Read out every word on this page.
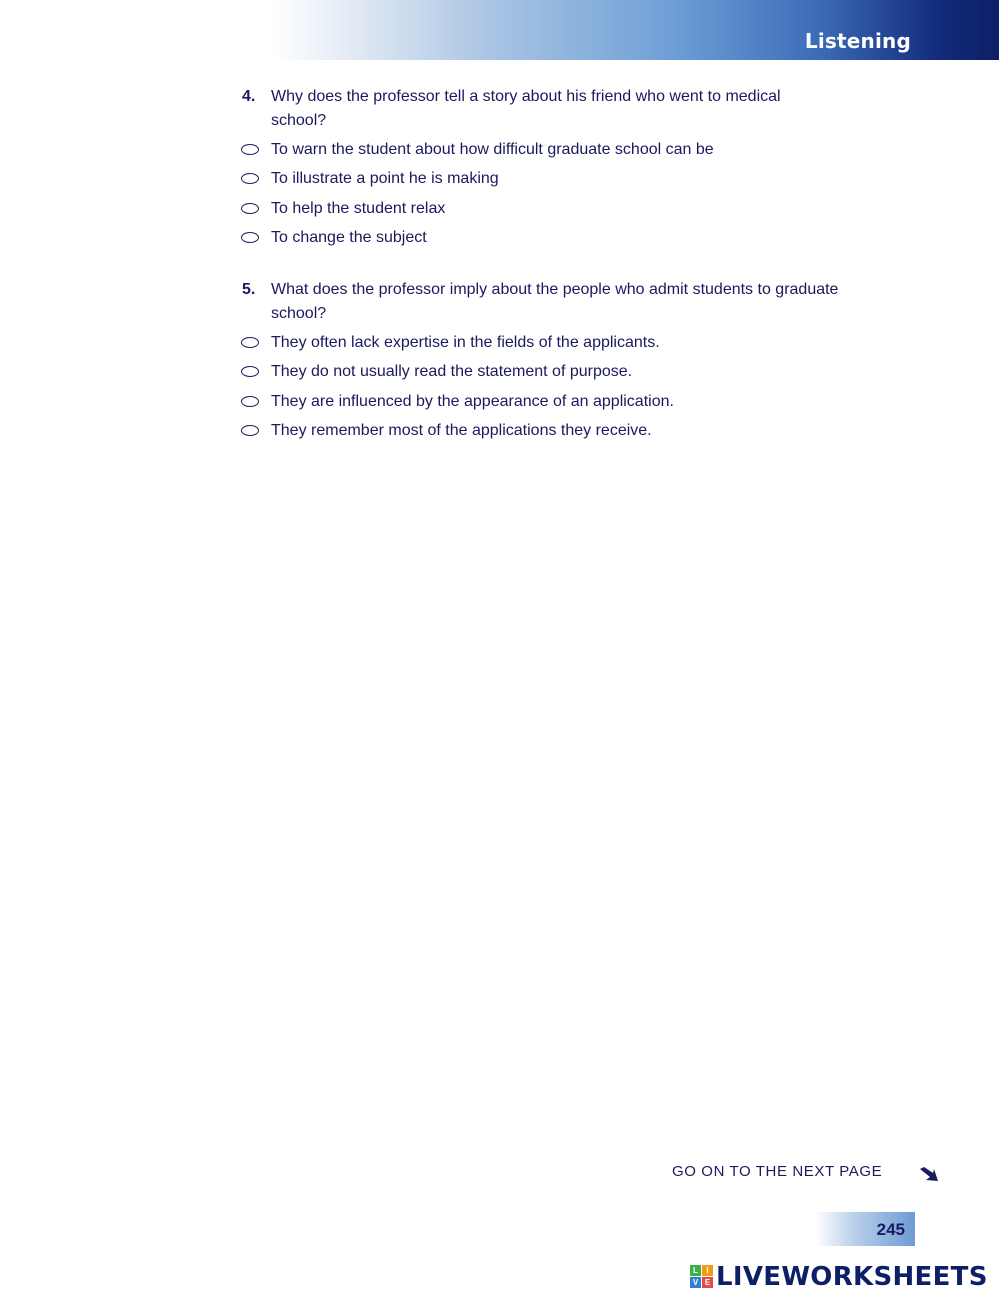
Listening
4. Why does the professor tell a story about his friend who went to medical school?
To warn the student about how difficult graduate school can be
To illustrate a point he is making
To help the student relax
To change the subject
5. What does the professor imply about the people who admit students to graduate school?
They often lack expertise in the fields of the applicants.
They do not usually read the statement of purpose.
They are influenced by the appearance of an application.
They remember most of the applications they receive.
GO ON TO THE NEXT PAGE
245
L	I
V E LIVEWORKSHEETS
